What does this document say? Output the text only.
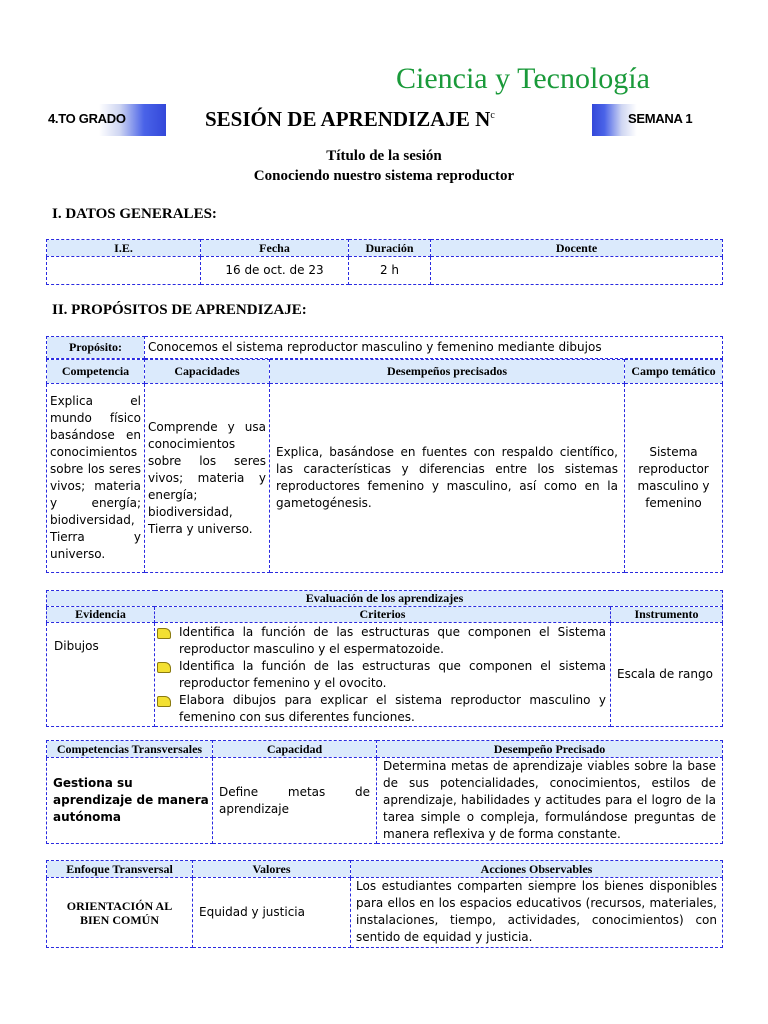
Ciencia y Tecnología
4.TO GRADO	SESIÓN DE APRENDIZAJE $N^c$	SEMANA 1
Título de la sesión
Conociendo nuestro sistema reproductor
I. DATOS GENERALES:
I.E.	Fecha	Duración	Docente
	16 de oct. de 23	2 h	
II. PROPÓSITOS DE APRENDIZAJE:
Propósito:	Conocemos el sistema reproductor masculino y femenino mediante dibujos
Competencia	Capacidades	Desempeños precisados	Campo temático
Explica el mundo físico basándose en conocimientos sobre los seres vivos; materia y energía; biodiversidad, Tierra y universo.	Comprende y usa conocimientos sobre los seres vivos; materia y energía; biodiversidad, Tierra y universo.	Explica, basándose en fuentes con respaldo científico, las características y diferencias entre los sistemas reproductores femenino y masculino, así como en la gametogénesis.	Sistema reproductor masculino y femenino
Evaluación de los aprendizajes		
Evidencia	Criterios	Instrumento
Dibujos	Identifica la función de las estructuras que componen el Sistema reproductor masculino y el espermatozoide.
Identifica la función de las estructuras que componen el sistema reproductor femenino y el ovocito.
Elabora dibujos para explicar el sistema reproductor masculino y femenino con sus diferentes funciones.	Escala de rango
Competencias Transversales	Capacidad	Desempeño Precisado
Gestiona su aprendizaje de manera autónoma	Define metas de aprendizaje	Determina metas de aprendizaje viables sobre la base de sus potencialidades, conocimientos, estilos de aprendizaje, habilidades y actitudes para el logro de la tarea simple o compleja, formulándose preguntas de manera reflexiva y de forma constante.
Enfoque Transversal	Valores	Acciones Observables
ORIENTACIÓN AL BIEN COMÚN	Equidad y justicia	Los estudiantes comparten siempre los bienes disponibles para ellos en los espacios educativos (recursos, materiales, instalaciones, tiempo, actividades, conocimientos) con sentido de equidad y justicia.
